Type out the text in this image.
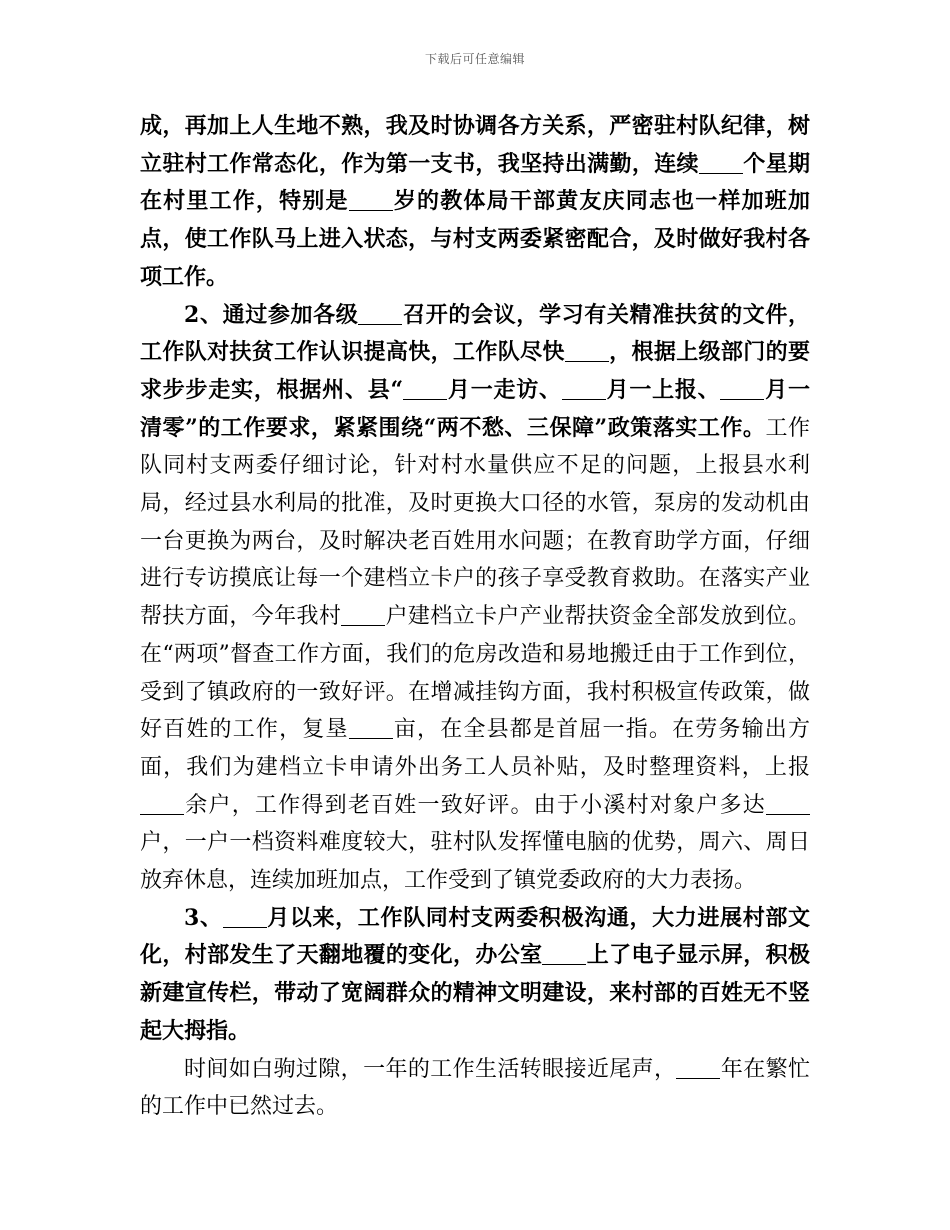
下载后可任意编辑

成，再加上人生地不熟，我及时协调各方关系，严密驻村队纪律，树立驻村工作常态化，作为第一支书，我坚持出满勤，连续 个星期在村里工作，特别是 岁的教体局干部黄友庆同志也一样加班加点，使工作队马上进入状态，与村支两委紧密配合，及时做好我村各项工作。

2、通过参加各级 召开的会议，学习有关精准扶贫的文件，工作队对扶贫工作认识提高快，工作队尽快 ，根据上级部门的要求步步走实，根据州、县“ 月一走访、 月一上报、 月一清零”的工作要求，紧紧围绕“两不愁、三保障”政策落实工作。工作队同村支两委仔细讨论，针对村水量供应不足的问题，上报县水利局，经过县水利局的批准，及时更换大口径的水管，泵房的发动机由一台更换为两台，及时解决老百姓用水问题；在教育助学方面，仔细进行专访摸底让每一个建档立卡户的孩子享受教育救助。在落实产业帮扶方面，今年我村 户建档立卡户产业帮扶资金全部发放到位。在“两项”督查工作方面，我们的危房改造和易地搬迁由于工作到位，受到了镇政府的一致好评。在增减挂钩方面，我村积极宣传政策，做好百姓的工作，复垦 亩，在全县都是首屈一指。在劳务输出方面，我们为建档立卡申请外出务工人员补贴，及时整理资料，上报余户，工作得到老百姓一致好评。由于小溪村对象户多达户，一户一档资料难度较大，驻村队发挥懂电脑的优势，周六、周日放弃休息，连续加班加点，工作受到了镇党委政府的大力表扬。

3、 月以来，工作队同村支两委积极沟通，大力进展村部文化，村部发生了天翻地覆的变化，办公室 上了电子显示屏，积极新建宣传栏，带动了宽阔群众的精神文明建设，来村部的百姓无不竖起大拇指。

时间如白驹过隙，一年的工作生活转眼接近尾声， 年在繁忙的工作中已然过去。
